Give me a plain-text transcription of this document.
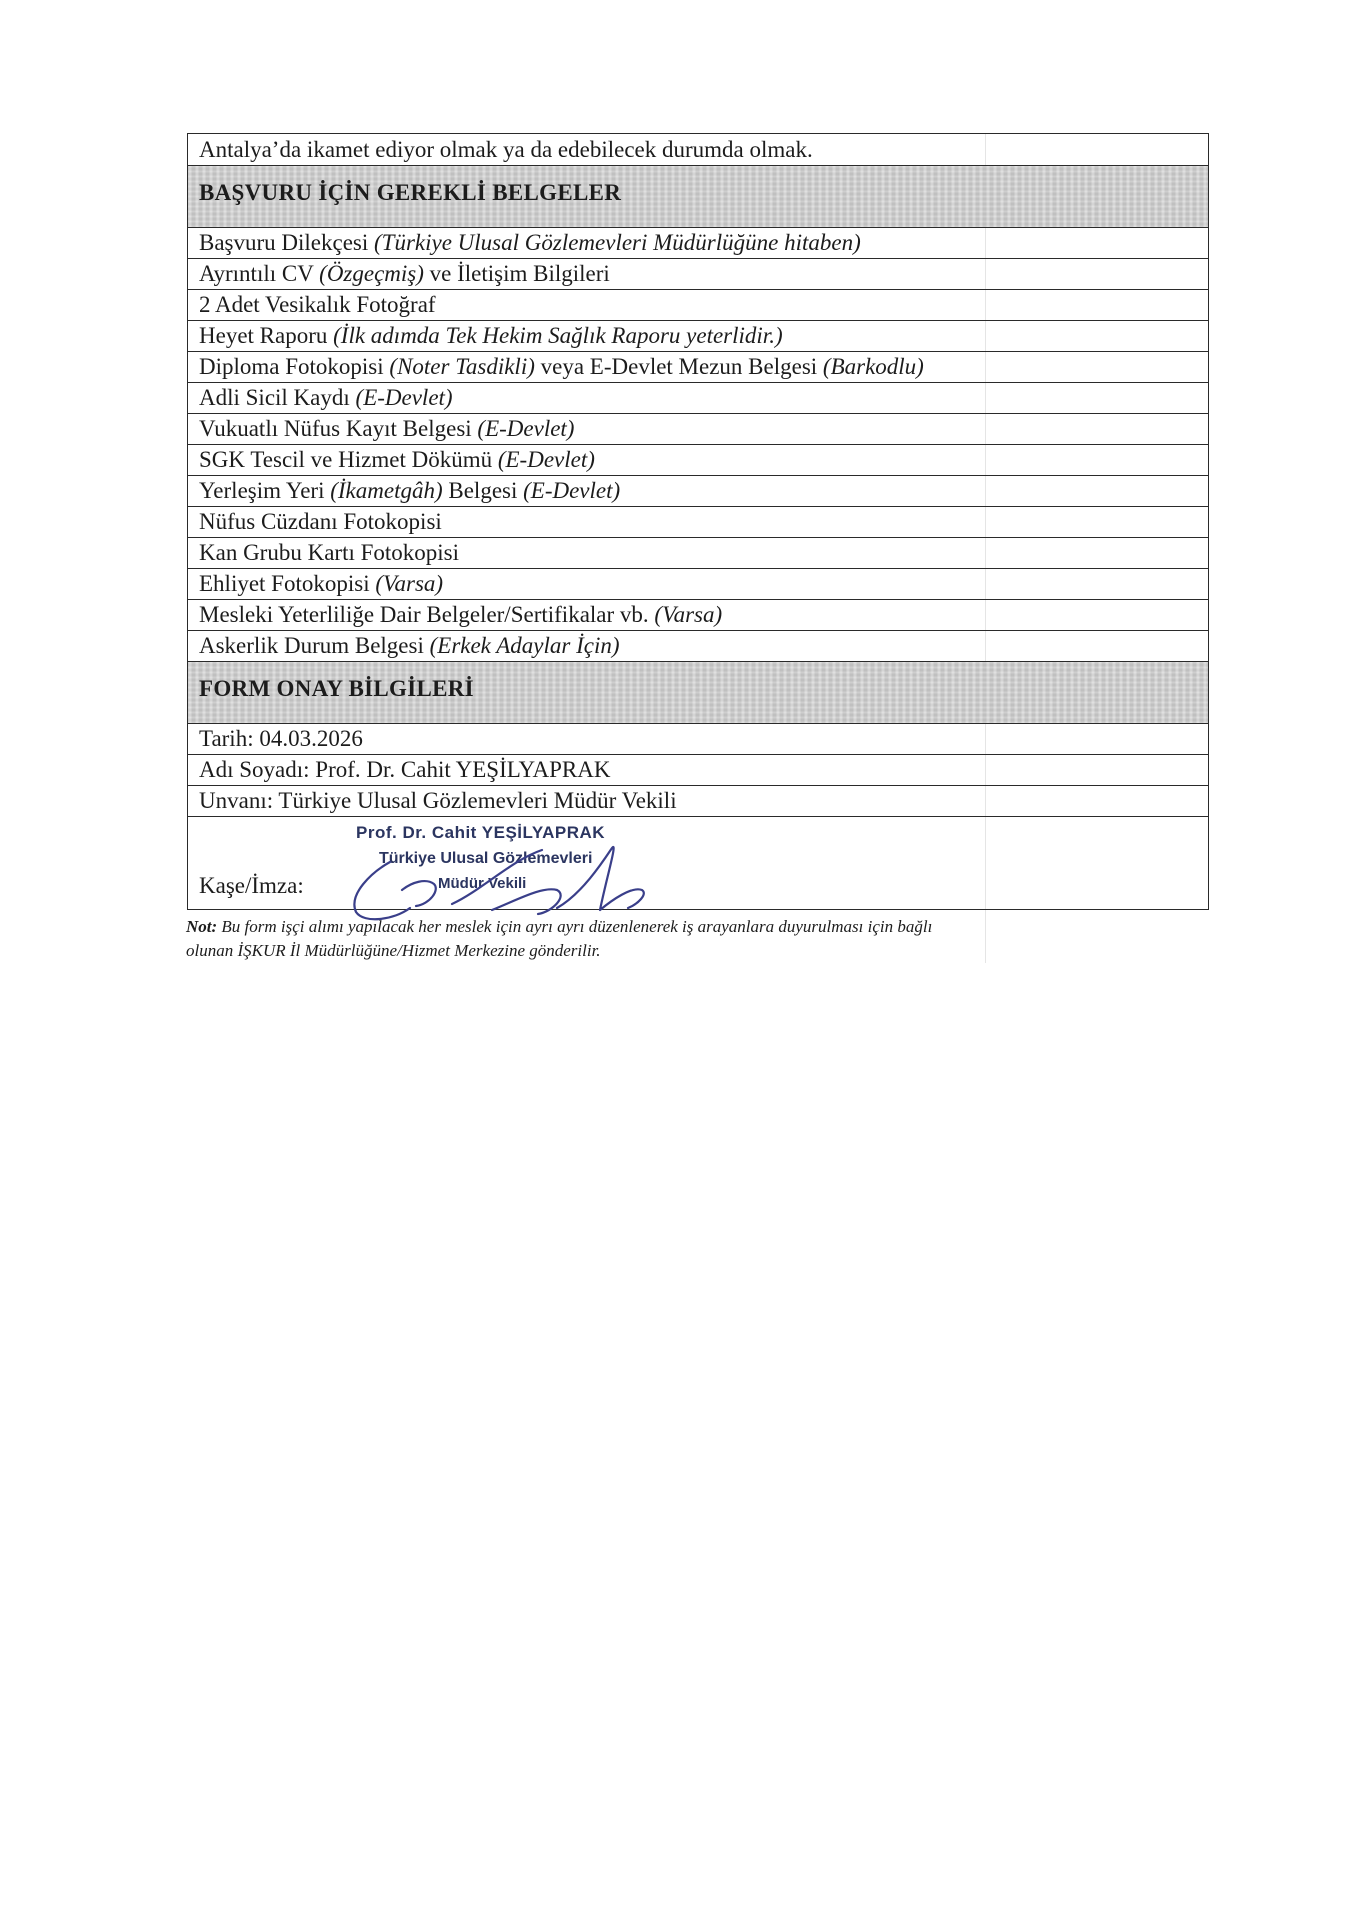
Antalya’da ikamet ediyor olmak ya da edebilecek durumda olmak.
BAŞVURU İÇİN GEREKLİ BELGELER
Başvuru Dilekçesi (Türkiye Ulusal Gözlemevleri Müdürlüğüne hitaben)
Ayrıntılı CV (Özgeçmiş) ve İletişim Bilgileri
2 Adet Vesikalık Fotoğraf
Heyet Raporu (İlk adımda Tek Hekim Sağlık Raporu yeterlidir.)
Diploma Fotokopisi (Noter Tasdikli) veya E-Devlet Mezun Belgesi (Barkodlu)
Adli Sicil Kaydı (E-Devlet)
Vukuatlı Nüfus Kayıt Belgesi (E-Devlet)
SGK Tescil ve Hizmet Dökümü (E-Devlet)
Yerleşim Yeri (İkametgâh) Belgesi (E-Devlet)
Nüfus Cüzdanı Fotokopisi
Kan Grubu Kartı Fotokopisi
Ehliyet Fotokopisi (Varsa)
Mesleki Yeterliliğe Dair Belgeler/Sertifikalar vb. (Varsa)
Askerlik Durum Belgesi (Erkek Adaylar İçin)
FORM ONAY BİLGİLERİ
Tarih: 04.03.2026
Adı Soyadı: Prof. Dr. Cahit YEŞİLYAPRAK
Unvanı: Türkiye Ulusal Gözlemevleri Müdür Vekili
Kaşe/İmza:
Prof. Dr. Cahit YEŞİLYAPRAK
Türkiye Ulusal Gözlemevleri
Müdür Vekili
Not: Bu form işçi alımı yapılacak her meslek için ayrı ayrı düzenlenerek iş arayanlara duyurulması için bağlı
olunan İŞKUR İl Müdürlüğüne/Hizmet Merkezine gönderilir.
